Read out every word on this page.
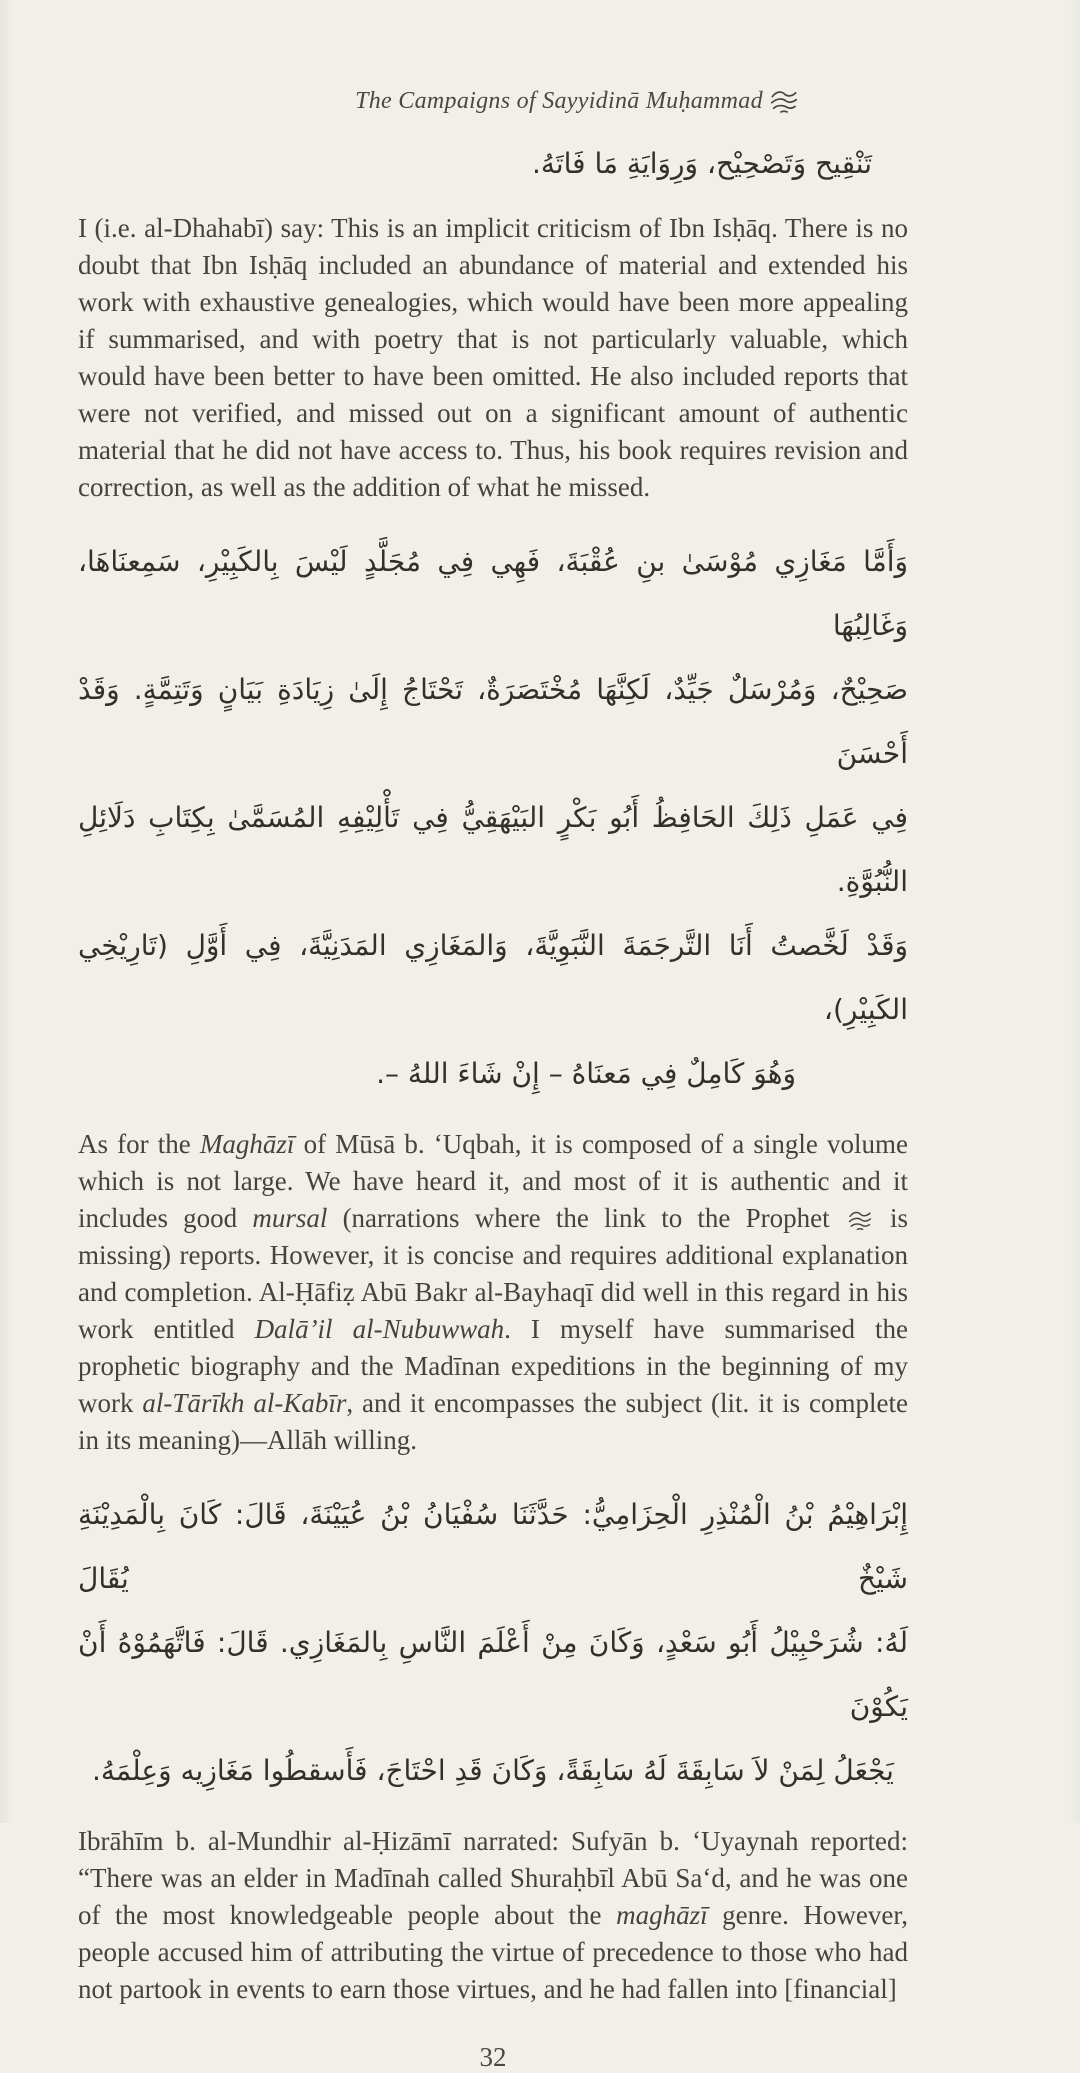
The Campaigns of Sayyidinā Muḥammad
تَنْقِيح وَتَصْحِيْح، وَرِوَايَةِ مَا فَاتَهُ.

I (i.e. al-Dhahabī) say: This is an implicit criticism of Ibn Isḥāq. There is no doubt that Ibn Isḥāq included an abundance of material and extended his work with exhaustive genealogies, which would have been more appealing if summarised, and with poetry that is not particularly valuable, which would have been better to have been omitted. He also included reports that were not verified, and missed out on a significant amount of authentic material that he did not have access to. Thus, his book requires revision and correction, as well as the addition of what he missed.

وَأَمَّا مَغَازِي مُوْسَىٰ بنِ عُقْبَةَ، فَهِي فِي مُجَلَّدٍ لَيْسَ بِالكَبِيْرِ، سَمِعنَاهَا، وَغَالِبُهَا
صَحِيْحٌ، وَمُرْسَلٌ جَيِّدٌ، لَكِنَّهَا مُخْتَصَرَةٌ، تَحْتَاجُ إِلَىٰ زِيَادَةِ بَيَانٍ وَتَتِمَّةٍ. وَقَدْ أَحْسَنَ
فِي عَمَلِ ذَلِكَ الحَافِظُ أَبُو بَكْرٍ البَيْهَقِيُّ فِي تَأْلِيْفِهِ المُسَمَّىٰ بِكِتَابِ دَلَائِلِ النُّبُوَّةِ.
وَقَدْ لَخَّصتُ أَنَا التَّرجَمَةَ النَّبَوِيَّةَ، وَالمَغَازِي المَدَنِيَّةَ، فِي أَوَّلِ (تَارِيْخِي الكَبِيْرِ)،
وَهُوَ كَامِلٌ فِي مَعنَاهُ – إِنْ شَاءَ اللهُ –.

As for the Maghāzī of Mūsā b. ‘Uqbah, it is composed of a single volume which is not large. We have heard it, and most of it is authentic and it includes good mursal (narrations where the link to the Prophet
is missing) reports. However, it is concise and requires additional explanation and completion. Al-Ḥāfiẓ Abū Bakr al-Bayhaqī did well in this regard in his work entitled Dalā’il al-Nubuwwah. I myself have summarised the prophetic biography and the Madīnan expeditions in the beginning of my work al-Tārīkh al-Kabīr, and it encompasses the subject (lit. it is complete in its meaning)—Allāh willing.

إِبْرَاهِيْمُ بْنُ الْمُنْذِرِ الْحِزَامِيُّ: حَدَّثَنَا سُفْيَانُ بْنُ عُيَيْنَةَ، قَالَ: كَانَ بِالْمَدِيْنَةِ شَيْخٌ يُقَالَ
لَهُ: شُرَحْبِيْلُ أَبُو سَعْدٍ، وَكَانَ مِنْ أَعْلَمَ النَّاسِ بِالمَغَازِي. قَالَ: فَاتَّهَمُوْهُ أَنْ يَكُوْنَ
يَجْعَلُ لِمَنْ لاَ سَابِقَةَ لَهُ سَابِقَةً، وَكَانَ قَدِ احْتَاجَ، فَأَسقطُوا مَغَازِيه وَعِلْمَهُ.

Ibrāhīm b. al-Mundhir al-Ḥizāmī narrated: Sufyān b. ‘Uyaynah reported: “There was an elder in Madīnah called Shuraḥbīl Abū Sa‘d, and he was one of the most knowledgeable people about the maghāzī genre. However, people accused him of attributing the virtue of precedence to those who had not partook in events to earn those virtues, and he had fallen into [financial]

32
